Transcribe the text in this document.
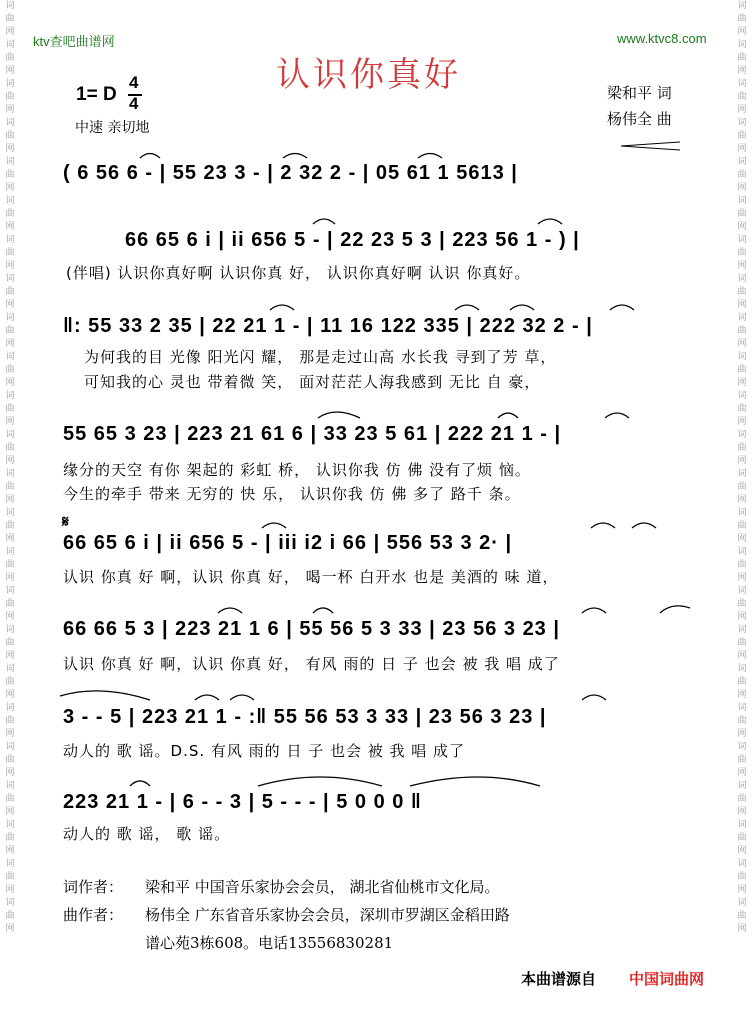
词曲网词曲网词曲网词曲网词曲网词曲网词曲网词曲网词曲网词曲网词曲网词曲网词曲网词曲网词曲网词曲网词曲网词曲网词曲网词曲网词曲网词曲网词曲网词曲网
词曲网词曲网词曲网词曲网词曲网词曲网词曲网词曲网词曲网词曲网词曲网词曲网词曲网词曲网词曲网词曲网词曲网词曲网词曲网词曲网词曲网词曲网词曲网词曲网
ktv查吧曲谱网	www.ktvc8.com
认识你真好
1= D
4
4
中速 亲切地
梁和平 词
杨伟全 曲
( 6 56 6 - | 55 23 3 - | 2 32 2 - | 05 61 1 5613 |
66 65 6 i | ii 656 5 - | 22 23 5 3 | 223 56 1 - ) |
(伴唱) 认识你真好啊 认识你真 好， 认识你真好啊 认识 你真好。
‖: 55 33 2 35 | 22 21 1 - | 11 16 122 335 | 222 32 2 - |
为何我的目 光像 阳光闪 耀， 那是走过山高 水长我 寻到了芳 草，
可知我的心 灵也 带着微 笑， 面对茫茫人海我感到 无比 自 豪，
55 65 3 23 | 223 21 61 6 | 33 23 5 61 | 222 21 1 - |
缘分的天空 有你 架起的 彩虹 桥， 认识你我 仿 佛 没有了烦 恼。
今生的牵手 带来 无穷的 快 乐， 认识你我 仿 佛 多了 路千 条。
𝄋
66 65 6 i | ii 656 5 - | iii i2 i 66 | 556 53 3 2· |
认识 你真 好 啊，认识 你真 好， 喝一杯 白开水 也是 美酒的 味 道，
66 66 5 3 | 223 21 1 6 | 55 56 5 3 33 | 23 56 3 23 |
认识 你真 好 啊，认识 你真 好， 有风 雨的 日 子 也会 被 我 唱 成了
3 - - 5 | 223 21 1 - :‖ 55 56 53 3 33 | 23 56 3 23 |
动人的 歌 谣。D.S. 有风 雨的 日 子 也会 被 我 唱 成了
223 21 1 - | 6 - - 3 | 5 - - - | 5 0 0 0 ‖
动人的 歌 谣， 歌 谣。
词作者： 梁和平 中国音乐家协会会员， 湖北省仙桃市文化局。
曲作者： 杨伟全 广东省音乐家协会会员，深圳市罗湖区金稻田路
谱心苑3栋608。电话13556830281
本曲谱源自 中国词曲网
